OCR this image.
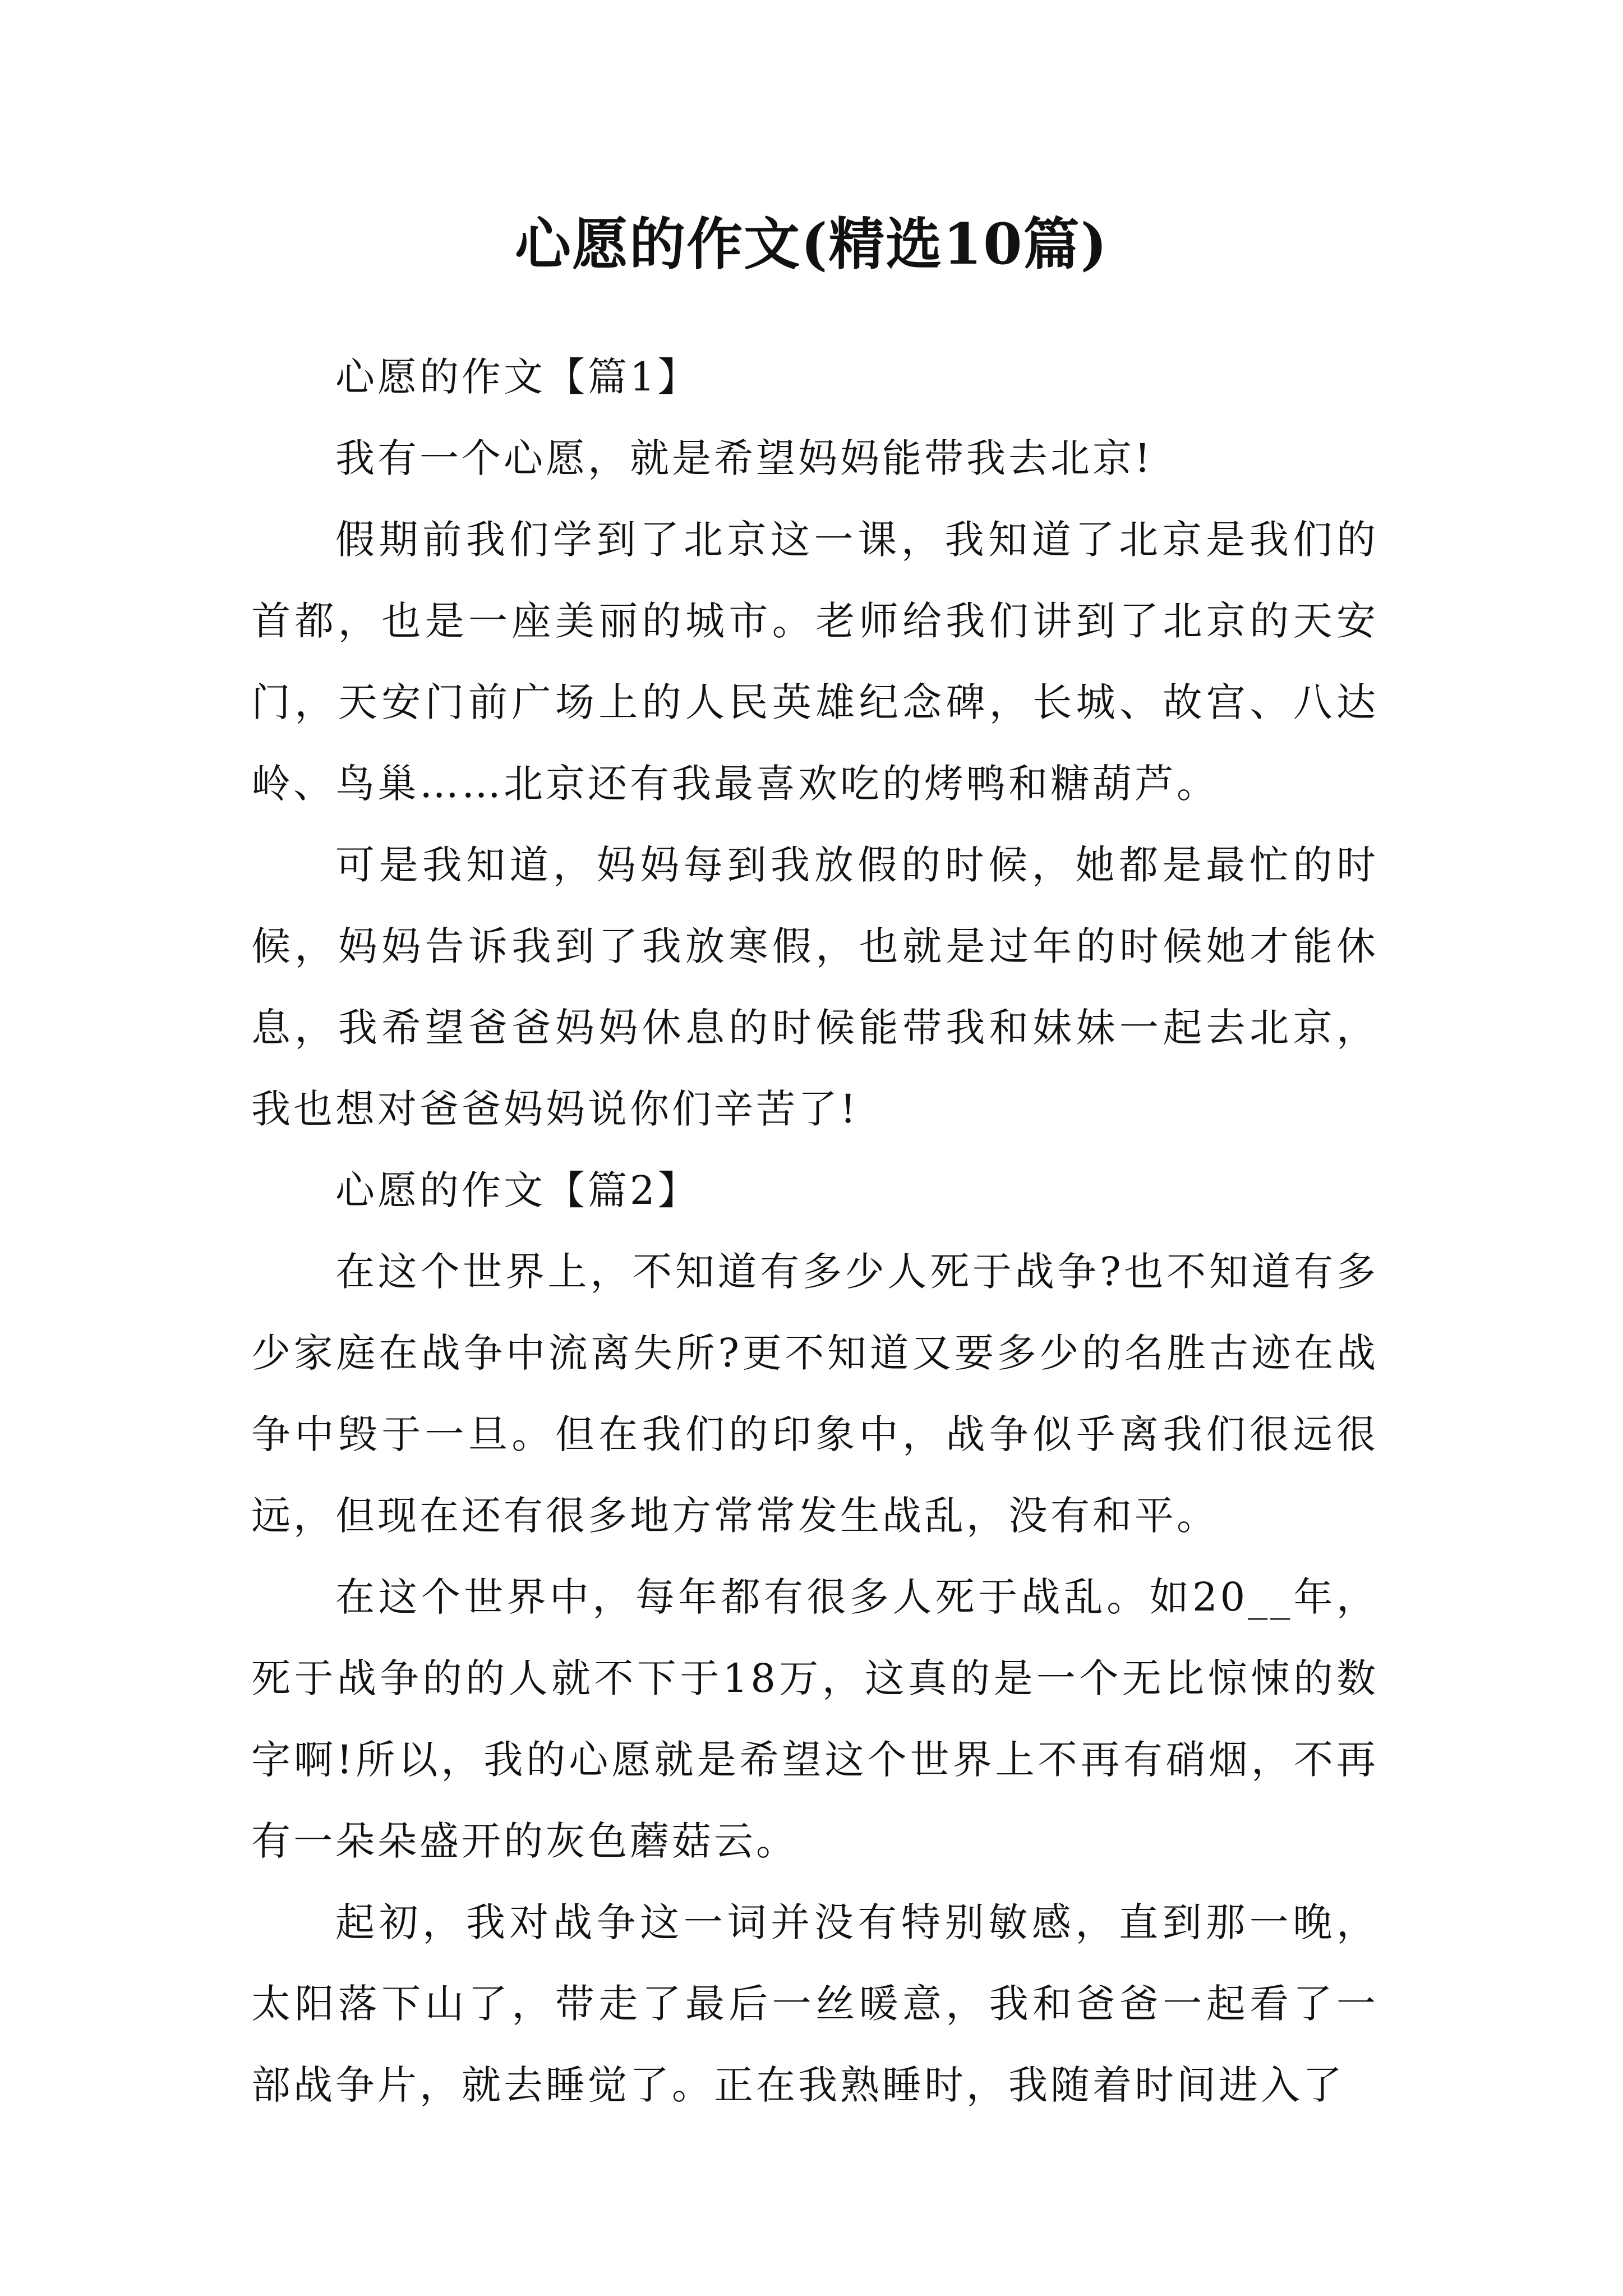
心愿的作文(精选10篇)

心愿的作文【篇1】

我有一个心愿，就是希望妈妈能带我去北京!

假期前我们学到了北京这一课，我知道了北京是我们的首都，也是一座美丽的城市。老师给我们讲到了北京的天安门，天安门前广场上的人民英雄纪念碑，长城、故宫、八达岭、鸟巢……北京还有我最喜欢吃的烤鸭和糖葫芦。

可是我知道，妈妈每到我放假的时候，她都是最忙的时候，妈妈告诉我到了我放寒假，也就是过年的时候她才能休息，我希望爸爸妈妈休息的时候能带我和妹妹一起去北京，我也想对爸爸妈妈说你们辛苦了!

心愿的作文【篇2】

在这个世界上，不知道有多少人死于战争?也不知道有多少家庭在战争中流离失所?更不知道又要多少的名胜古迹在战争中毁于一旦。但在我们的印象中，战争似乎离我们很远很远，但现在还有很多地方常常发生战乱，没有和平。

在这个世界中，每年都有很多人死于战乱。如20__年，死于战争的的人就不下于18万，这真的是一个无比惊悚的数字啊!所以，我的心愿就是希望这个世界上不再有硝烟，不再有一朵朵盛开的灰色蘑菇云。

起初，我对战争这一词并没有特别敏感，直到那一晚，太阳落下山了，带走了最后一丝暖意，我和爸爸一起看了一部战争片，就去睡觉了。正在我熟睡时，我随着时间进入了
